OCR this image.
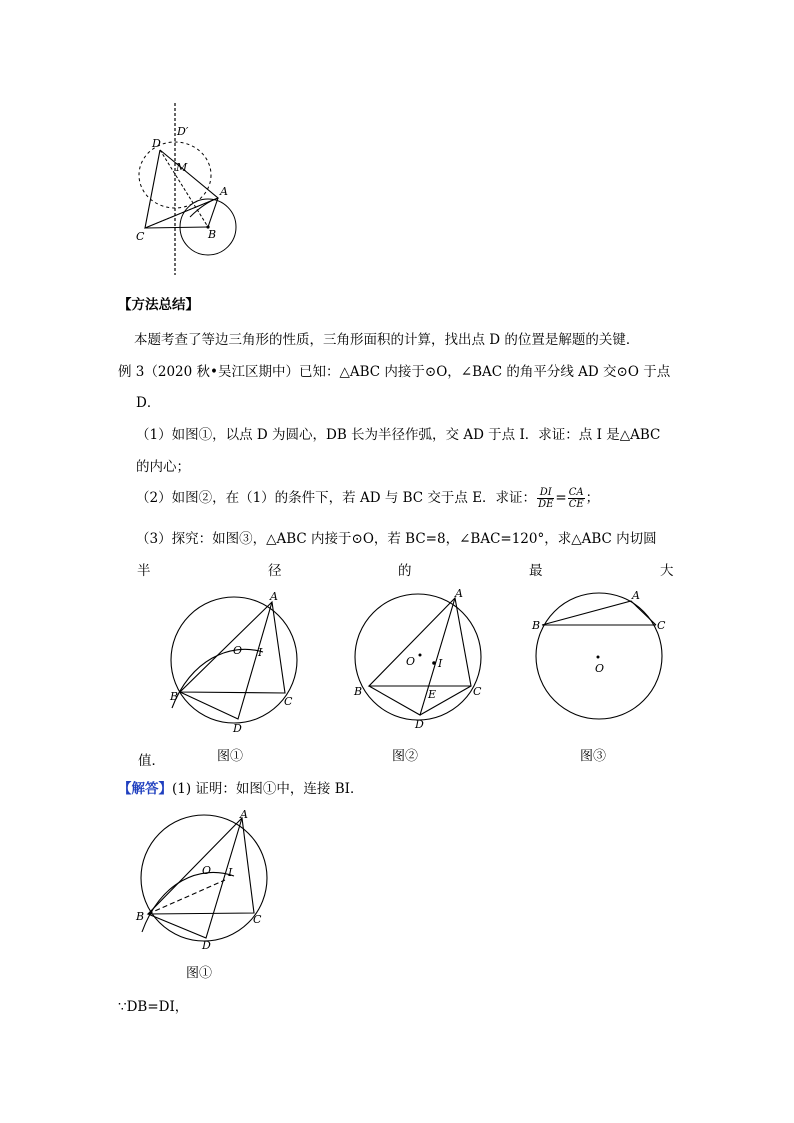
D
D′
M
A
C	B
【方法总结】
本题考查了等边三角形的性质，三角形面积的计算，找出点 D 的位置是解题的关键．
例 3（2020 秋•吴江区期中）已知：△ABC 内接于⊙O，∠BAC 的角平分线 AD 交⊙O 于点
D．
（1）如图①，以点 D 为圆心，DB 长为半径作弧，交 AD 于点 I．求证：点 I 是△ABC
的内心；
（2）如图②，在（1）的条件下，若 AD 与 BC 交于点 E．求证： $\frac{DI}{DE} = \frac{CA}{CE}$ ；
（3）探究：如图③，△ABC 内接于⊙O，若 BC=8，∠BAC=120°，求△ABC 内切圆
半	径	的	最	大
A
O I
B	C
D
图①
A
O I
B	E	C
D
图②
A
B	C
O
图③
值．
【解答】(1) 证明：如图①中，连接 BI．
A
O I
B	C
D
图①
∵DB=DI，
